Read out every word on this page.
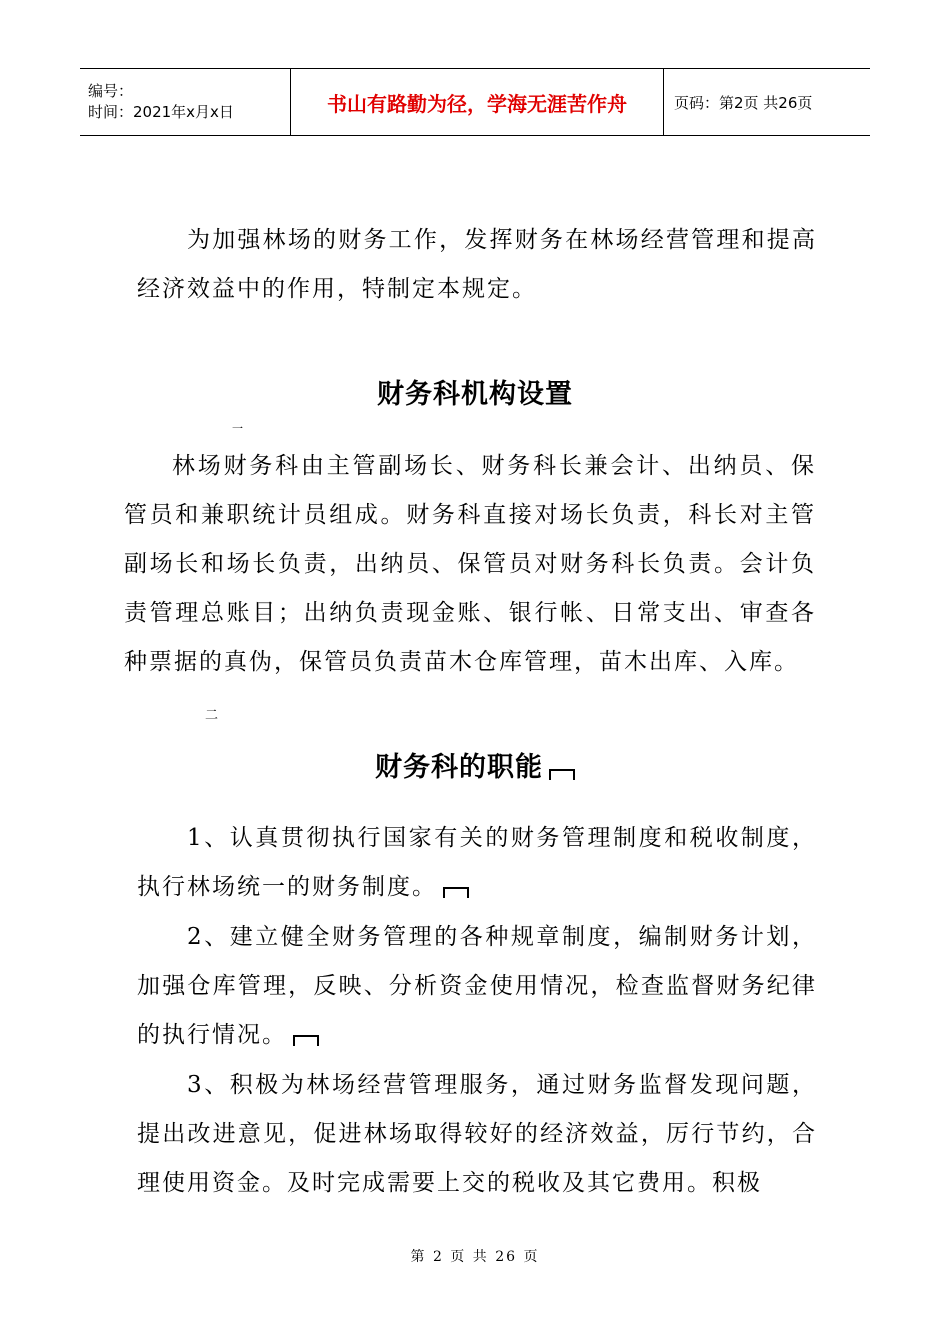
编号：
时间：2021年x月x日	书山有路勤为径，学海无涯苦作舟	页码：第2页 共26页

为加强林场的财务工作，发挥财务在林场经营管理和提高经济效益中的作用，特制定本规定。

财务科机构设置
一

林场财务科由主管副场长、财务科长兼会计、出纳员、保管员和兼职统计员组成。财务科直接对场长负责，科长对主管副场长和场长负责，出纳员、保管员对财务科长负责。会计负责管理总账目；出纳负责现金账、银行帐、日常支出、审查各种票据的真伪，保管员负责苗木仓库管理，苗木出库、入库。

二
财务科的职能

1、认真贯彻执行国家有关的财务管理制度和税收制度，执行林场统一的财务制度。

2、建立健全财务管理的各种规章制度，编制财务计划，加强仓库管理，反映、分析资金使用情况，检查监督财务纪律的执行情况。

3、积极为林场经营管理服务，通过财务监督发现问题，提出改进意见，促进林场取得较好的经济效益，厉行节约，合理使用资金。及时完成需要上交的税收及其它费用。积极

第 2 页 共 26 页
